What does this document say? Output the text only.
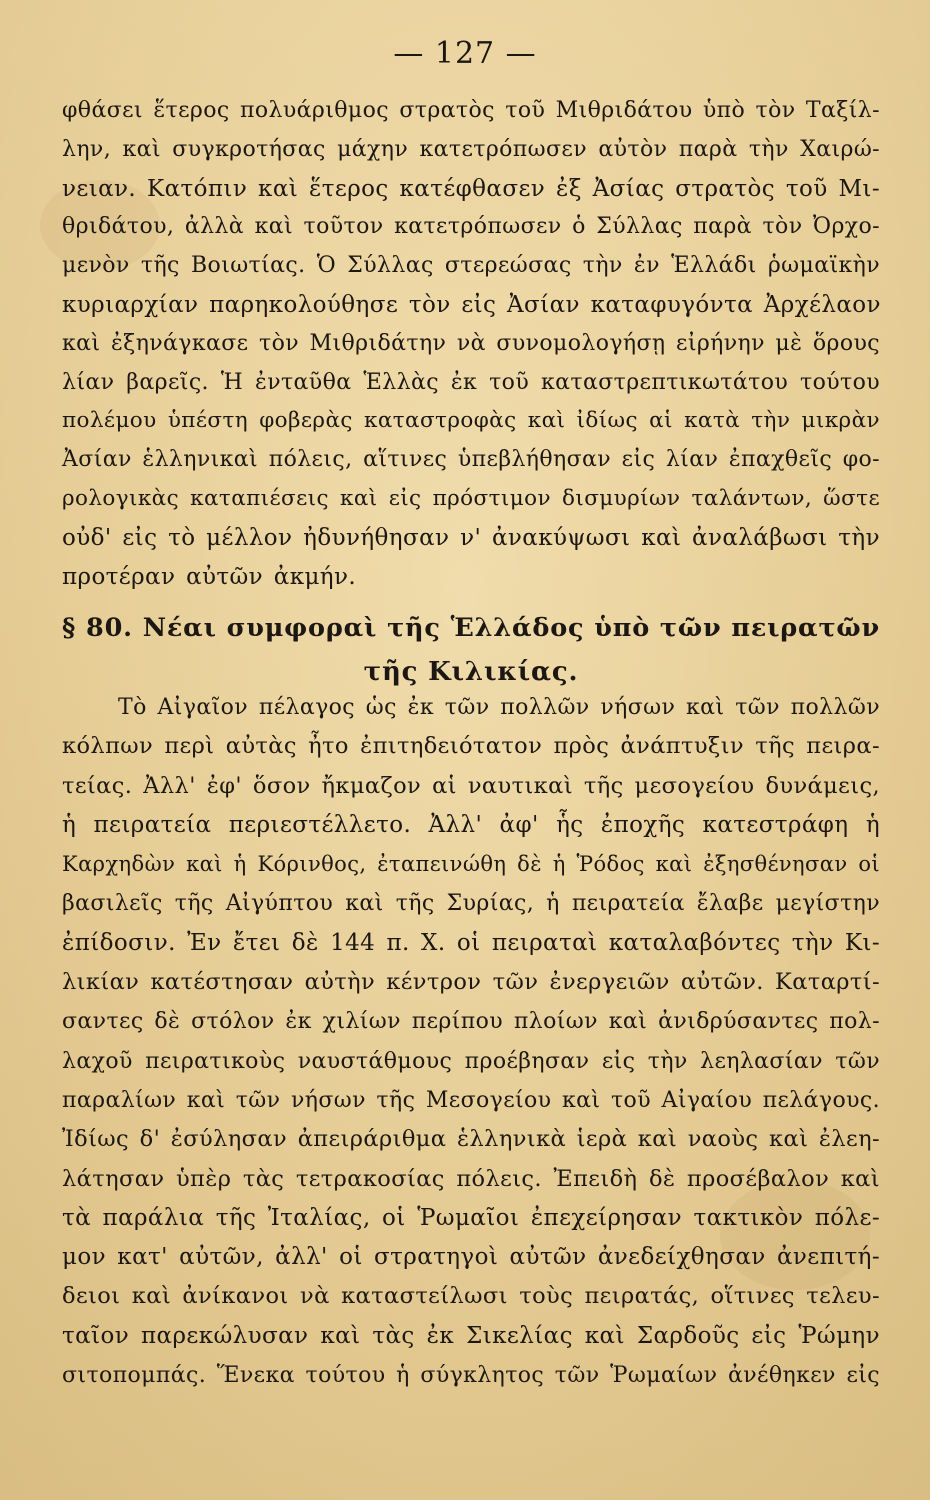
— 127 —
φθάσει ἕτερος πολυάριθμος στρατὸς τοῦ Μιθριδάτου ὑπὸ τὸν Ταξίλ-
λην, καὶ συγκροτήσας μάχην κατετρόπωσεν αὐτὸν παρὰ τὴν Χαιρώ-
νειαν. Κατόπιν καὶ ἕτερος κατέφθασεν ἐξ Ἀσίας στρατὸς τοῦ Μι-
θριδάτου, ἀλλὰ καὶ τοῦτον κατετρόπωσεν ὁ Σύλλας παρὰ τὸν Ὀρχο-
μενὸν τῆς Βοιωτίας. Ὁ Σύλλας στερεώσας τὴν ἐν Ἑλλάδι ῥωμαϊκὴν
κυριαρχίαν παρηκολούθησε τὸν εἰς Ἀσίαν καταφυγόντα Ἀρχέλαον
καὶ ἐξηνάγκασε τὸν Μιθριδάτην νὰ συνομολογήσῃ εἰρήνην μὲ ὅρους
λίαν βαρεῖς. Ἡ ἐνταῦθα Ἑλλὰς ἐκ τοῦ καταστρεπτικωτάτου τούτου
πολέμου ὑπέστη φοβερὰς καταστροφὰς καὶ ἰδίως αἱ κατὰ τὴν μικρὰν
Ἀσίαν ἑλληνικαὶ πόλεις, αἵτινες ὑπεβλήθησαν εἰς λίαν ἐπαχθεῖς φο-
ρολογικὰς καταπιέσεις καὶ εἰς πρόστιμον δισμυρίων ταλάντων, ὥστε
οὐδ' εἰς τὸ μέλλον ἠδυνήθησαν ν' ἀνακύψωσι καὶ ἀναλάβωσι τὴν
προτέραν αὐτῶν ἀκμήν.
§ 80. Νέαι συμφοραὶ τῆς Ἑλλάδος ὑπὸ τῶν πειρατῶν
τῆς Κιλικίας.
Τὸ Αἰγαῖον πέλαγος ὡς ἐκ τῶν πολλῶν νήσων καὶ τῶν πολλῶν
κόλπων περὶ αὐτὰς ἦτο ἐπιτηδειότατον πρὸς ἀνάπτυξιν τῆς πειρα-
τείας. Ἀλλ' ἐφ' ὅσον ἤκμαζον αἱ ναυτικαὶ τῆς μεσογείου δυνάμεις,
ἡ πειρατεία περιεστέλλετο. Ἀλλ' ἀφ' ἧς ἐποχῆς κατεστράφη ἡ
Καρχηδὼν καὶ ἡ Κόρινθος, ἐταπεινώθη δὲ ἡ Ῥόδος καὶ ἐξησθένησαν οἱ
βασιλεῖς τῆς Αἰγύπτου καὶ τῆς Συρίας, ἡ πειρατεία ἔλαβε μεγίστην
ἐπίδοσιν. Ἐν ἔτει δὲ 144 π. Χ. οἱ πειραταὶ καταλαβόντες τὴν Κι-
λικίαν κατέστησαν αὐτὴν κέντρον τῶν ἐνεργειῶν αὐτῶν. Καταρτί-
σαντες δὲ στόλον ἐκ χιλίων περίπου πλοίων καὶ ἀνιδρύσαντες πολ-
λαχοῦ πειρατικοὺς ναυστάθμους προέβησαν εἰς τὴν λεηλασίαν τῶν
παραλίων καὶ τῶν νήσων τῆς Μεσογείου καὶ τοῦ Αἰγαίου πελάγους.
Ἰδίως δ' ἐσύλησαν ἀπειράριθμα ἑλληνικὰ ἱερὰ καὶ ναοὺς καὶ ἐλεη-
λάτησαν ὑπὲρ τὰς τετρακοσίας πόλεις. Ἐπειδὴ δὲ προσέβαλον καὶ
τὰ παράλια τῆς Ἰταλίας, οἱ Ῥωμαῖοι ἐπεχείρησαν τακτικὸν πόλε-
μον κατ' αὐτῶν, ἀλλ' οἱ στρατηγοὶ αὐτῶν ἀνεδείχθησαν ἀνεπιτή-
δειοι καὶ ἀνίκανοι νὰ καταστείλωσι τοὺς πειρατάς, οἵτινες τελευ-
ταῖον παρεκώλυσαν καὶ τὰς ἐκ Σικελίας καὶ Σαρδοῦς εἰς Ῥώμην
σιτοπομπάς. Ἕνεκα τούτου ἡ σύγκλητος τῶν Ῥωμαίων ἀνέθηκεν εἰς
